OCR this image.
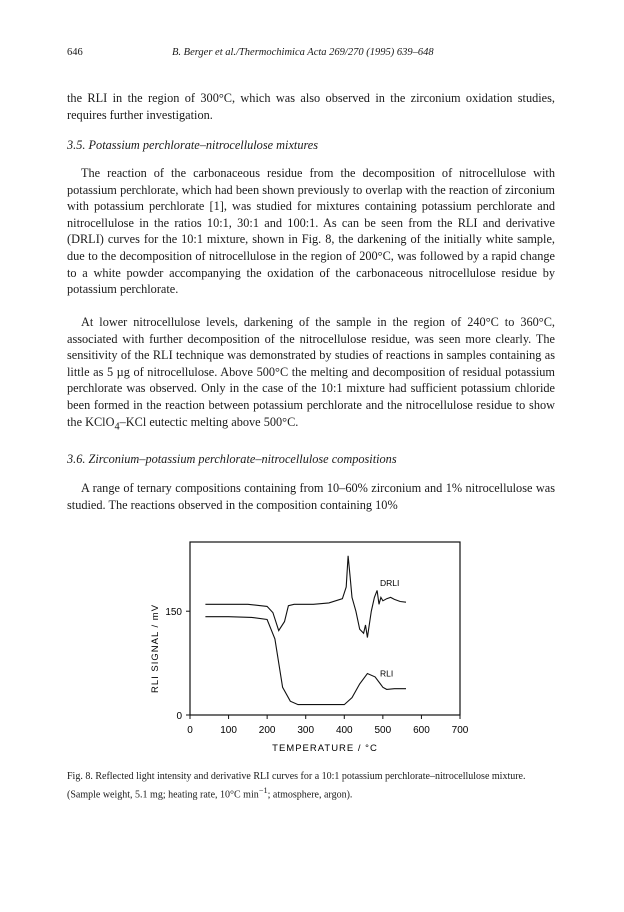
646	B. Berger et al./Thermochimica Acta 269/270 (1995) 639–648

the RLI in the region of 300°C, which was also observed in the zirconium oxidation studies, requires further investigation.

3.5. Potassium perchlorate–nitrocellulose mixtures

The reaction of the carbonaceous residue from the decomposition of nitrocellulose with potassium perchlorate, which had been shown previously to overlap with the reaction of zirconium with potassium perchlorate [1], was studied for mixtures containing potassium perchlorate and nitrocellulose in the ratios 10:1, 30:1 and 100:1. As can be seen from the RLI and derivative (DRLI) curves for the 10:1 mixture, shown in Fig. 8, the darkening of the initially white sample, due to the decomposition of nitrocellulose in the region of 200°C, was followed by a rapid change to a white powder accompanying the oxidation of the carbonaceous nitrocellulose residue by potassium perchlorate.

At lower nitrocellulose levels, darkening of the sample in the region of 240°C to 360°C, associated with further decomposition of the nitrocellulose residue, was seen more clearly. The sensitivity of the RLI technique was demonstrated by studies of reactions in samples containing as little as 5 µg of nitrocellulose. Above 500°C the melting and decomposition of residual potassium perchlorate was observed. Only in the case of the 10:1 mixture had sufficient potassium chloride been formed in the reaction between potassium perchlorate and the nitrocellulose residue to show the KClO$_4$–KCl eutectic melting above 500°C.

3.6. Zirconium–potassium perchlorate–nitrocellulose compositions

A range of ternary compositions containing from 10–60% zirconium and 1% nitrocellulose was studied. The reactions observed in the composition containing 10%

0	100 200 300 400 500 600 700
0
150
TEMPERATURE / °C
RLI SIGNAL / mV
DRLI
RLI
Fig. 8. Reflected light intensity and derivative RLI curves for a 10:1 potassium perchlorate–nitrocellulose mixture. (Sample weight, 5.1 mg; heating rate, 10°C $\min^{-1}$; atmosphere, argon).
